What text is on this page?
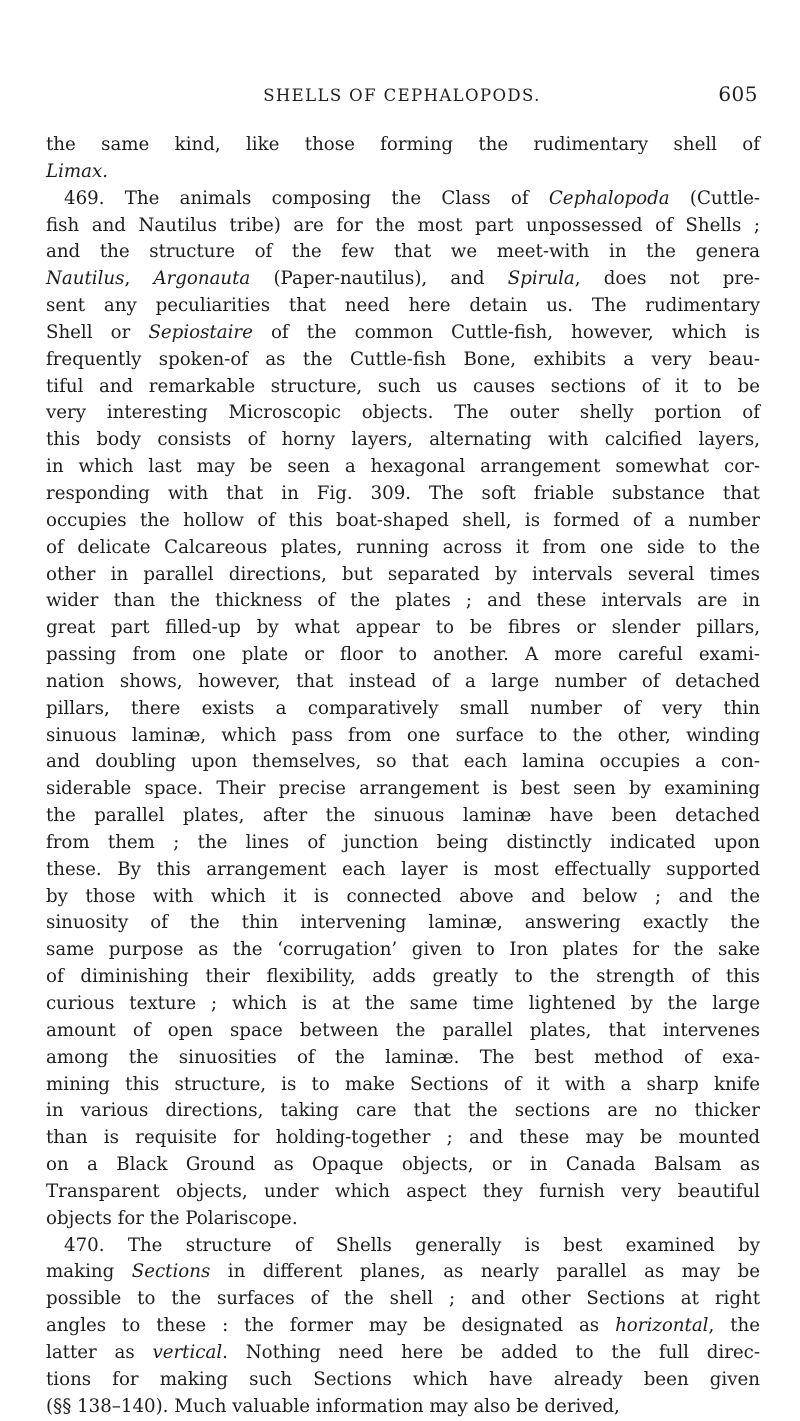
SHELLS OF CEPHALOPODS.	605
the same kind, like those forming the rudimentary shell of
Limax.
469. The animals composing the Class of Cephalopoda (Cuttle-
fish and Nautilus tribe) are for the most part unpossessed of Shells ;
and the structure of the few that we meet-with in the genera
Nautilus, Argonauta (Paper-nautilus), and Spirula, does not pre-
sent any peculiarities that need here detain us. The rudimentary
Shell or Sepiostaire of the common Cuttle-fish, however, which is
frequently spoken-of as the Cuttle-fish Bone, exhibits a very beau-
tiful and remarkable structure, such us causes sections of it to be
very interesting Microscopic objects. The outer shelly portion of
this body consists of horny layers, alternating with calcified layers,
in which last may be seen a hexagonal arrangement somewhat cor-
responding with that in Fig. 309. The soft friable substance that
occupies the hollow of this boat-shaped shell, is formed of a number
of delicate Calcareous plates, running across it from one side to the
other in parallel directions, but separated by intervals several times
wider than the thickness of the plates ; and these intervals are in
great part filled-up by what appear to be fibres or slender pillars,
passing from one plate or floor to another. A more careful exami-
nation shows, however, that instead of a large number of detached
pillars, there exists a comparatively small number of very thin
sinuous laminæ, which pass from one surface to the other, winding
and doubling upon themselves, so that each lamina occupies a con-
siderable space. Their precise arrangement is best seen by examining
the parallel plates, after the sinuous laminæ have been detached
from them ; the lines of junction being distinctly indicated upon
these. By this arrangement each layer is most effectually supported
by those with which it is connected above and below ; and the
sinuosity of the thin intervening laminæ, answering exactly the
same purpose as the ‘corrugation’ given to Iron plates for the sake
of diminishing their flexibility, adds greatly to the strength of this
curious texture ; which is at the same time lightened by the large
amount of open space between the parallel plates, that intervenes
among the sinuosities of the laminæ. The best method of exa-
mining this structure, is to make Sections of it with a sharp knife
in various directions, taking care that the sections are no thicker
than is requisite for holding-together ; and these may be mounted
on a Black Ground as Opaque objects, or in Canada Balsam as
Transparent objects, under which aspect they furnish very beautiful
objects for the Polariscope.
470. The structure of Shells generally is best examined by
making Sections in different planes, as nearly parallel as may be
possible to the surfaces of the shell ; and other Sections at right
angles to these : the former may be designated as horizontal, the
latter as vertical. Nothing need here be added to the full direc-
tions for making such Sections which have already been given
(§§ 138–140). Much valuable information may also be derived,
